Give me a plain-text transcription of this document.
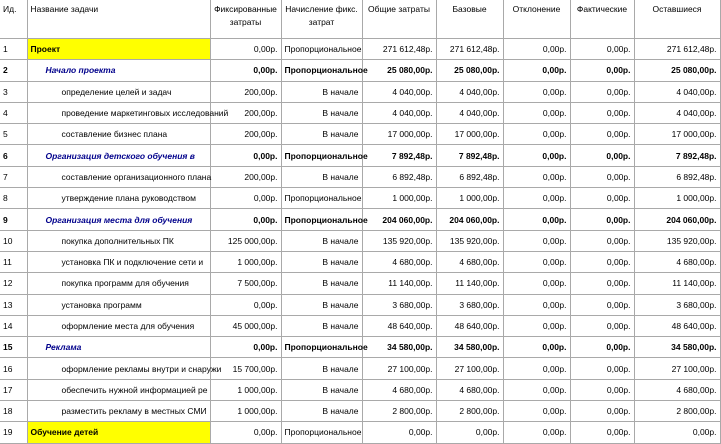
Ид.	Название задачи	Фиксированные затраты	Начисление фикс. затрат	Общие затраты	Базовые	Отклонение	Фактические	Оставшиеся
1	Проект	0,00р.	Пропорциональное	271 612,48р.	271 612,48р.	0,00р.	0,00р.	271 612,48р.
2	Начало проекта	0,00р.	Пропорциональное	25 080,00р.	25 080,00р.	0,00р.	0,00р.	25 080,00р.
3	определение целей и задач	200,00р.	В начале	4 040,00р.	4 040,00р.	0,00р.	0,00р.	4 040,00р.
4	проведение маркетинговых исследований	200,00р.	В начале	4 040,00р.	4 040,00р.	0,00р.	0,00р.	4 040,00р.
5	составление бизнес плана	200,00р.	В начале	17 000,00р.	17 000,00р.	0,00р.	0,00р.	17 000,00р.
6	Организация детского обучения в	0,00р.	Пропорциональное	7 892,48р.	7 892,48р.	0,00р.	0,00р.	7 892,48р.
7	составление организационного плана	200,00р.	В начале	6 892,48р.	6 892,48р.	0,00р.	0,00р.	6 892,48р.
8	утверждение плана руководством	0,00р.	Пропорциональное	1 000,00р.	1 000,00р.	0,00р.	0,00р.	1 000,00р.
9	Организация места для обучения	0,00р.	Пропорциональное	204 060,00р.	204 060,00р.	0,00р.	0,00р.	204 060,00р.
10	покупка дополнительных ПК	125 000,00р.	В начале	135 920,00р.	135 920,00р.	0,00р.	0,00р.	135 920,00р.
11	установка ПК и подключение сети и	1 000,00р.	В начале	4 680,00р.	4 680,00р.	0,00р.	0,00р.	4 680,00р.
12	покупка программ для обучения	7 500,00р.	В начале	11 140,00р.	11 140,00р.	0,00р.	0,00р.	11 140,00р.
13	установка программ	0,00р.	В начале	3 680,00р.	3 680,00р.	0,00р.	0,00р.	3 680,00р.
14	оформление места для обучения	45 000,00р.	В начале	48 640,00р.	48 640,00р.	0,00р.	0,00р.	48 640,00р.
15	Реклама	0,00р.	Пропорциональное	34 580,00р.	34 580,00р.	0,00р.	0,00р.	34 580,00р.
16	оформление рекламы внутри и снаружи	15 700,00р.	В начале	27 100,00р.	27 100,00р.	0,00р.	0,00р.	27 100,00р.
17	обеспечить нужной информацией ре	1 000,00р.	В начале	4 680,00р.	4 680,00р.	0,00р.	0,00р.	4 680,00р.
18	разместить рекламу в местных СМИ	1 000,00р.	В начале	2 800,00р.	2 800,00р.	0,00р.	0,00р.	2 800,00р.
19	Обучение детей	0,00р.	Пропорциональное	0,00р.	0,00р.	0,00р.	0,00р.	0,00р.
